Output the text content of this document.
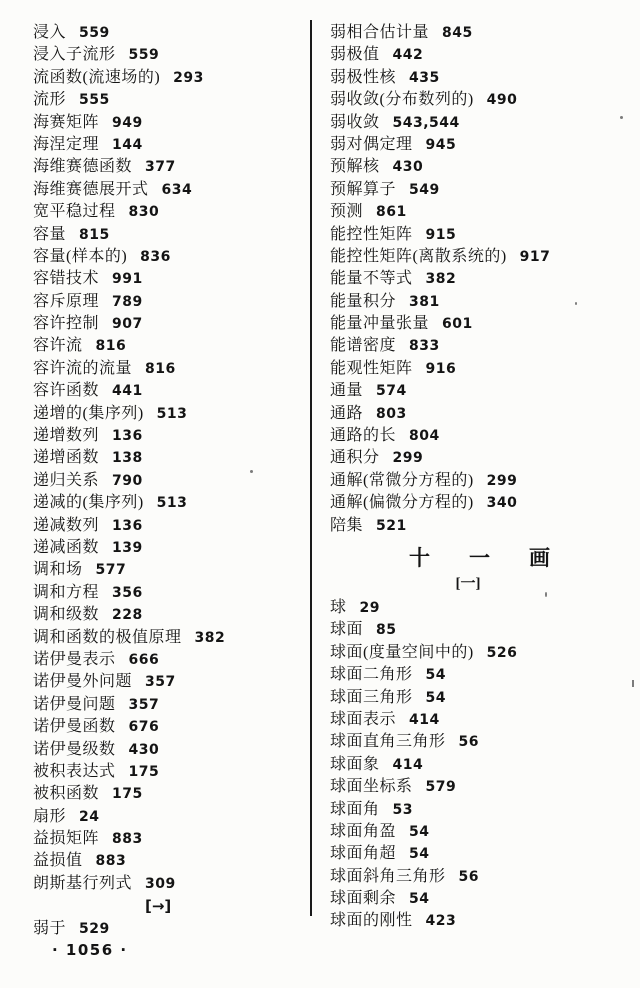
浸入 559
浸入子流形 559
流函数(流速场的) 293
流形 555
海赛矩阵 949
海涅定理 144
海维赛德函数 377
海维赛德展开式 634
宽平稳过程 830
容量 815
容量(样本的) 836
容错技术 991
容斥原理 789
容许控制 907
容许流 816
容许流的流量 816
容许函数 441
递增的(集序列) 513
递增数列 136
递增函数 138
递归关系 790
递减的(集序列) 513
递减数列 136
递减函数 139
调和场 577
调和方程 356
调和级数 228
调和函数的极值原理 382
诺伊曼表示 666
诺伊曼外问题 357
诺伊曼问题 357
诺伊曼函数 676
诺伊曼级数 430
被积表达式 175
被积函数 175
扇形 24
益损矩阵 883
益损值 883
朗斯基行列式 309
[→]
弱于 529
弱相合估计量 845
弱极值 442
弱极性核 435
弱收敛(分布数列的) 490
弱收敛 543,544
弱对偶定理 945
预解核 430
预解算子 549
预测 861
能控性矩阵 915
能控性矩阵(离散系统的) 917
能量不等式 382
能量积分 381
能量冲量张量 601
能谱密度 833
能观性矩阵 916
通量 574
通路 803
通路的长 804
通积分 299
通解(常微分方程的) 299
通解(偏微分方程的) 340
陪集 521
十 一 画
[一]
球 29
球面 85
球面(度量空间中的) 526
球面二角形 54
球面三角形 54
球面表示 414
球面直角三角形 56
球面象 414
球面坐标系 579
球面角 53
球面角盈 54
球面角超 54
球面斜角三角形 56
球面剩余 54
球面的刚性 423
· 1056 ·
